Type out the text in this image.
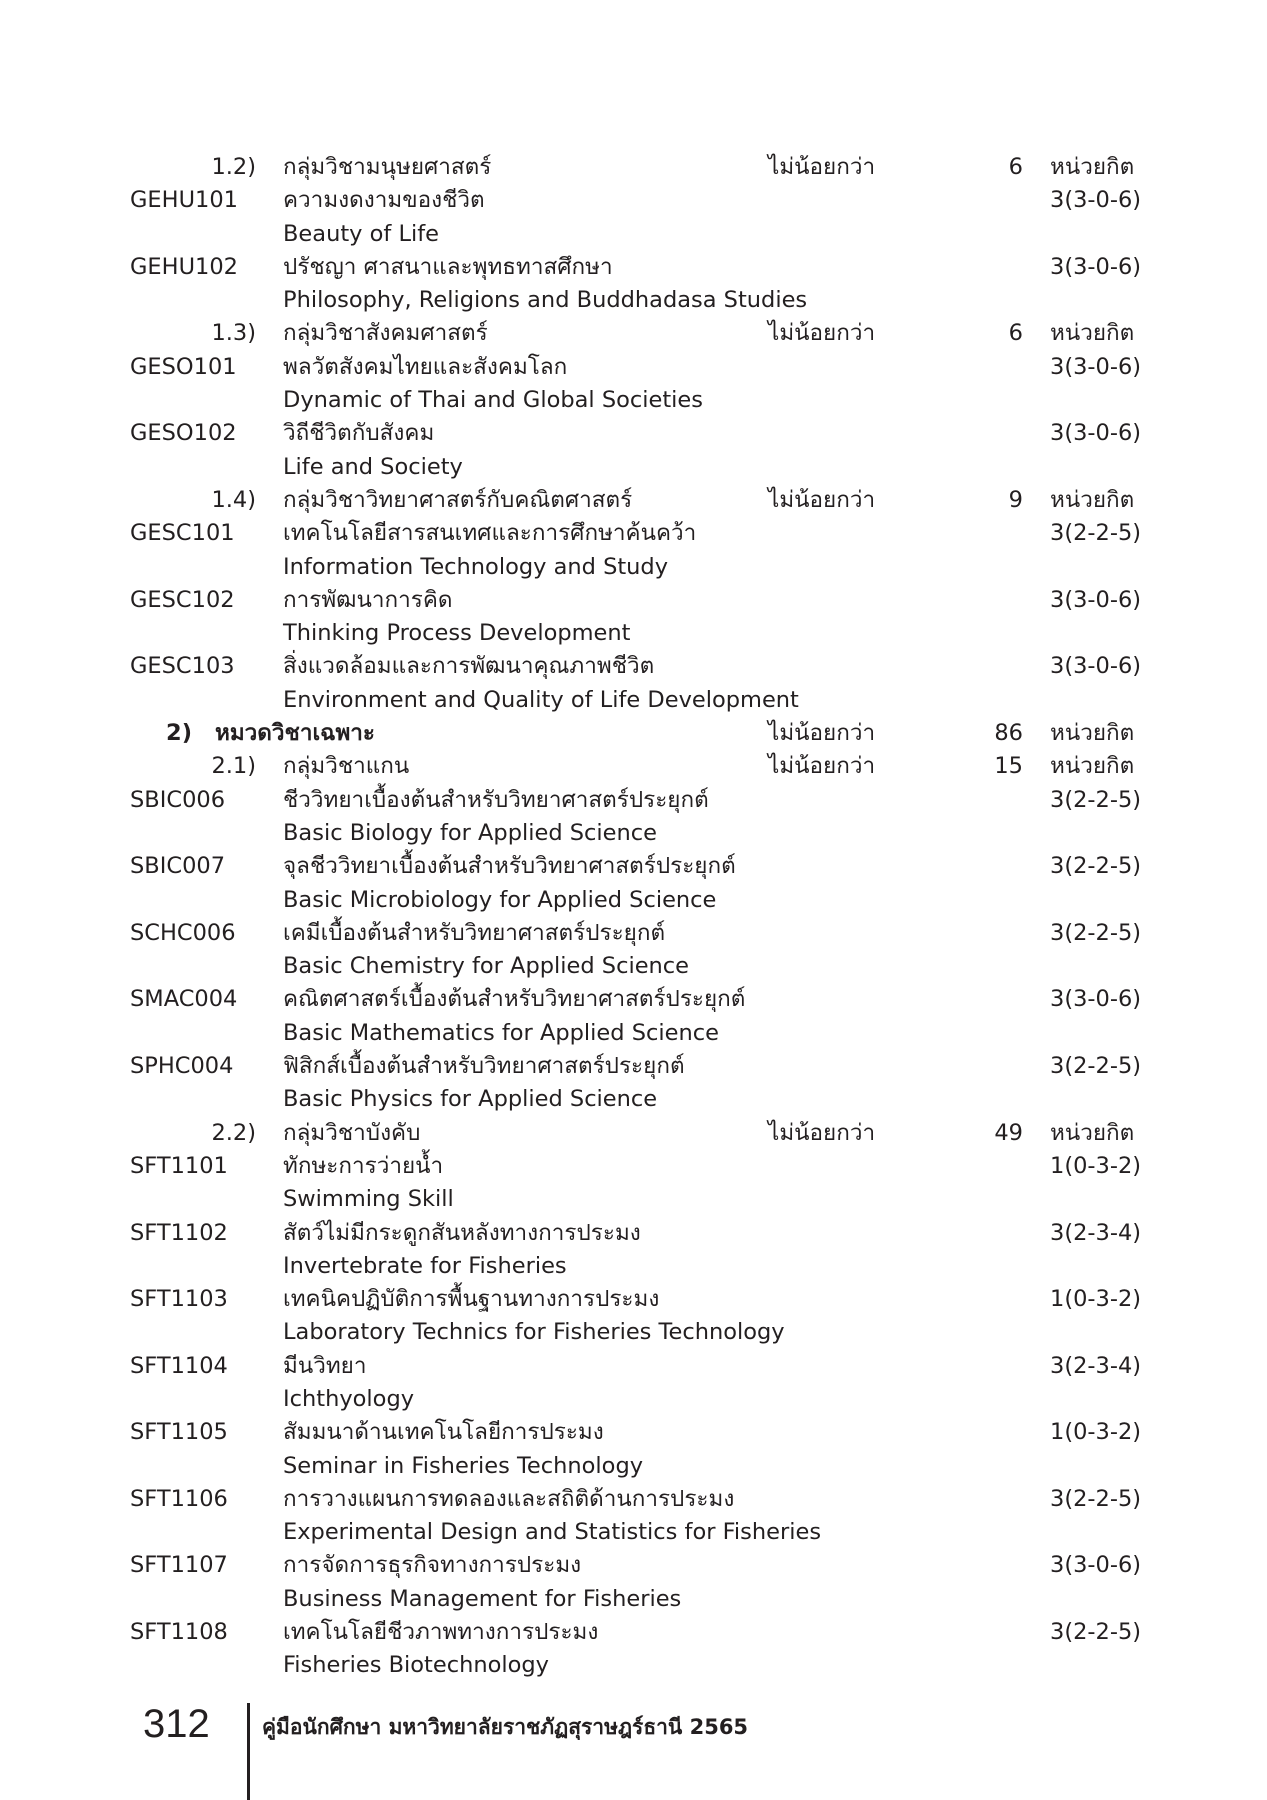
1.2) กลุ่มวิชามนุษยศาสตร์	ไม่น้อยกว่า	6 หน่วยกิต
GEHU101 ความงดงามของชีวิต	3(3-0-6)
Beauty of Life
GEHU102 ปรัชญา ศาสนาและพุทธทาสศึกษา	3(3-0-6)
Philosophy, Religions and Buddhadasa Studies
1.3) กลุ่มวิชาสังคมศาสตร์	ไม่น้อยกว่า	6 หน่วยกิต
GESO101 พลวัตสังคมไทยและสังคมโลก	3(3-0-6)
Dynamic of Thai and Global Societies
GESO102 วิถีชีวิตกับสังคม	3(3-0-6)
Life and Society
1.4) กลุ่มวิชาวิทยาศาสตร์กับคณิตศาสตร์	ไม่น้อยกว่า	9 หน่วยกิต
GESC101 เทคโนโลยีสารสนเทศและการศึกษาค้นคว้า	3(2-2-5)
Information Technology and Study
GESC102 การพัฒนาการคิด	3(3-0-6)
Thinking Process Development
GESC103 สิ่งแวดล้อมและการพัฒนาคุณภาพชีวิต	3(3-0-6)
Environment and Quality of Life Development
2) หมวดวิชาเฉพาะ	ไม่น้อยกว่า	86 หน่วยกิต
2.1) กลุ่มวิชาแกน	ไม่น้อยกว่า	15 หน่วยกิต
SBIC006	ชีววิทยาเบื้องต้นสำหรับวิทยาศาสตร์ประยุกต์	3(2-2-5)
Basic Biology for Applied Science
SBIC007	จุลชีววิทยาเบื้องต้นสำหรับวิทยาศาสตร์ประยุกต์	3(2-2-5)
Basic Microbiology for Applied Science
SCHC006 เคมีเบื้องต้นสำหรับวิทยาศาสตร์ประยุกต์	3(2-2-5)
Basic Chemistry for Applied Science
SMAC004 คณิตศาสตร์เบื้องต้นสำหรับวิทยาศาสตร์ประยุกต์	3(3-0-6)
Basic Mathematics for Applied Science
SPHC004 ฟิสิกส์เบื้องต้นสำหรับวิทยาศาสตร์ประยุกต์	3(2-2-5)
Basic Physics for Applied Science
2.2) กลุ่มวิชาบังคับ	ไม่น้อยกว่า	49 หน่วยกิต
SFT1101 ทักษะการว่ายน้ำ	1(0-3-2)
Swimming Skill
SFT1102 สัตว์ไม่มีกระดูกสันหลังทางการประมง	3(2-3-4)
Invertebrate for Fisheries
SFT1103 เทคนิคปฏิบัติการพื้นฐานทางการประมง	1(0-3-2)
Laboratory Technics for Fisheries Technology
SFT1104 มีนวิทยา	3(2-3-4)
Ichthyology
SFT1105 สัมมนาด้านเทคโนโลยีการประมง	1(0-3-2)
Seminar in Fisheries Technology
SFT1106 การวางแผนการทดลองและสถิติด้านการประมง	3(2-2-5)
Experimental Design and Statistics for Fisheries
SFT1107 การจัดการธุรกิจทางการประมง	3(3-0-6)
Business Management for Fisheries
SFT1108 เทคโนโลยีชีวภาพทางการประมง	3(2-2-5)
Fisheries Biotechnology
312 คู่มือนักศึกษา มหาวิทยาลัยราชภัฏสุราษฎร์ธานี 2565
